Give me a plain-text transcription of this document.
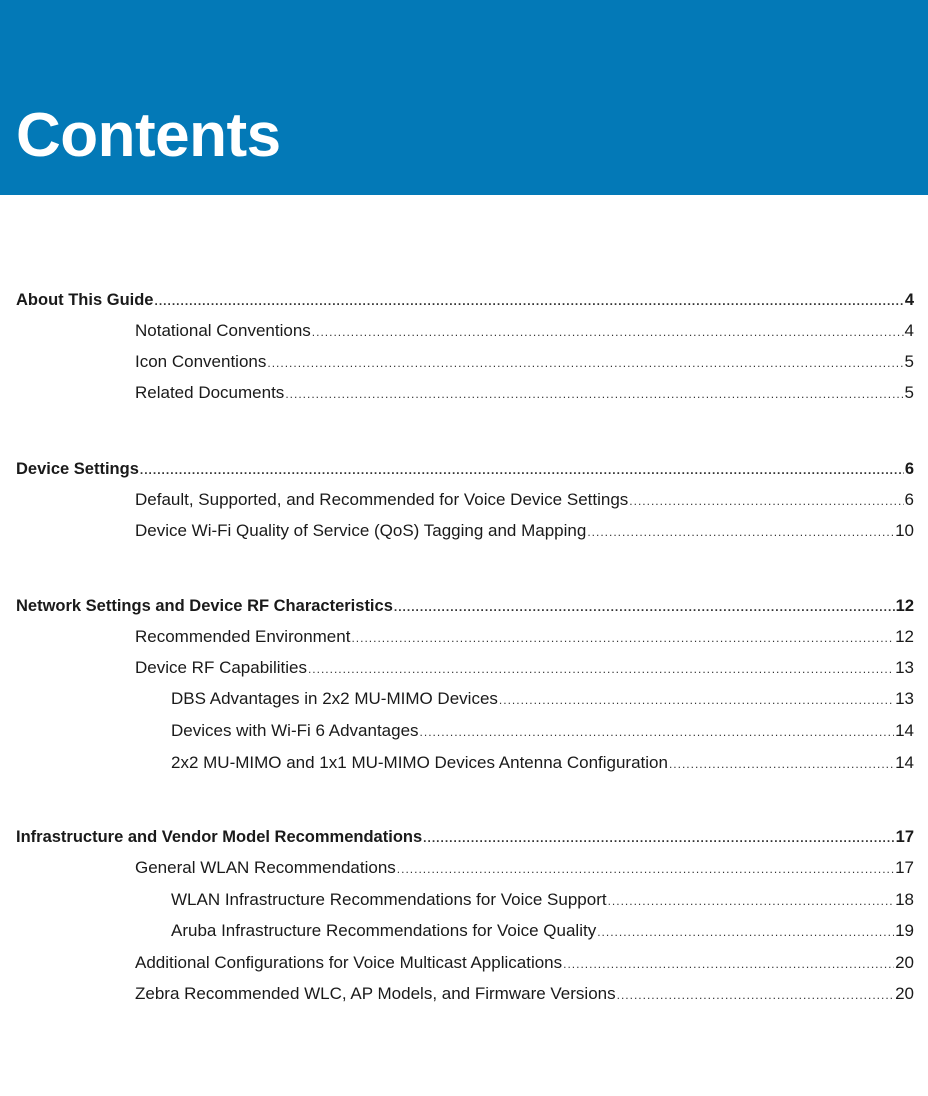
Contents
About This Guide .....	4
Notational Conventions .....	4
Icon Conventions .....	5
Related Documents .....	5
Device Settings .....	6
Default, Supported, and Recommended for Voice Device Settings .....	6
Device Wi-Fi Quality of Service (QoS) Tagging and Mapping .....	10
Network Settings and Device RF Characteristics .....	12
Recommended Environment .....	12
Device RF Capabilities .....	13
DBS Advantages in 2x2 MU-MIMO Devices .....	13
Devices with Wi-Fi 6 Advantages .....	14
2x2 MU-MIMO and 1x1 MU-MIMO Devices Antenna Configuration .....	14
Infrastructure and Vendor Model Recommendations .....	17
General WLAN Recommendations .....	17
WLAN Infrastructure Recommendations for Voice Support .....	18
Aruba Infrastructure Recommendations for Voice Quality .....	19
Additional Configurations for Voice Multicast Applications .....	20
Zebra Recommended WLC, AP Models, and Firmware Versions .....	20
